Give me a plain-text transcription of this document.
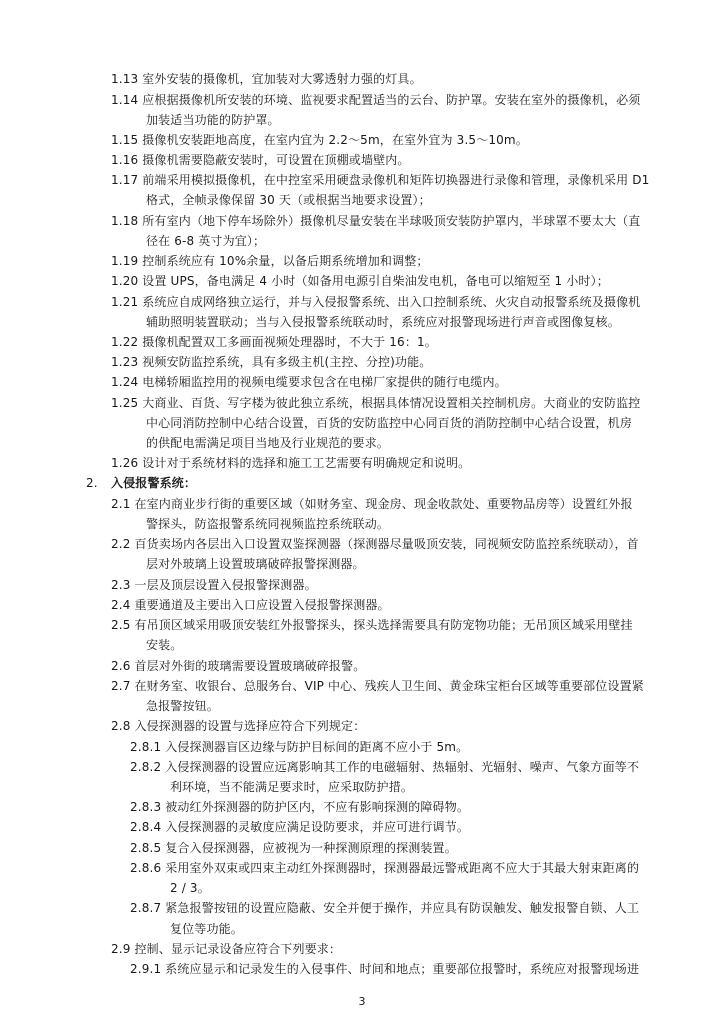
1.13 室外安装的摄像机，宜加装对大雾透射力强的灯具。
1.14 应根据摄像机所安装的环境、监视要求配置适当的云台、防护罩。安装在室外的摄像机，必须
加装适当功能的防护罩。
1.15 摄像机安装距地高度，在室内宜为 2.2～5m，在室外宜为 3.5～10m。
1.16 摄像机需要隐蔽安装时，可设置在顶棚或墙壁内。
1.17 前端采用模拟摄像机，在中控室采用硬盘录像机和矩阵切换器进行录像和管理，录像机采用 D1
格式，全帧录像保留 30 天（或根据当地要求设置）；
1.18 所有室内（地下停车场除外）摄像机尽量安装在半球吸顶安装防护罩内，半球罩不要太大（直
径在 6-8 英寸为宜）；
1.19 控制系统应有 10%余量，以备后期系统增加和调整；
1.20 设置 UPS，备电满足 4 小时（如备用电源引自柴油发电机，备电可以缩短至 1 小时）；
1.21 系统应自成网络独立运行，并与入侵报警系统、出入口控制系统、火灾自动报警系统及摄像机
辅助照明装置联动；当与入侵报警系统联动时，系统应对报警现场进行声音或图像复核。
1.22 摄像机配置双工多画面视频处理器时，不大于 16：1。
1.23 视频安防监控系统，具有多级主机(主控、分控)功能。
1.24 电梯轿厢监控用的视频电缆要求包含在电梯厂家提供的随行电缆内。
1.25 大商业、百货、写字楼为彼此独立系统，根据具体情况设置相关控制机房。大商业的安防监控
中心同消防控制中心结合设置，百货的安防监控中心同百货的消防控制中心结合设置，机房
的供配电需满足项目当地及行业规范的要求。
1.26 设计对于系统材料的选择和施工工艺需要有明确规定和说明。
2. 入侵报警系统：
2.1 在室内商业步行街的重要区域（如财务室、现金房、现金收款处、重要物品房等）设置红外报
警探头，防盗报警系统同视频监控系统联动。
2.2 百货卖场内各层出入口设置双鉴探测器（探测器尽量吸顶安装，同视频安防监控系统联动），首
层对外玻璃上设置玻璃破碎报警探测器。
2.3 一层及顶层设置入侵报警探测器。
2.4 重要通道及主要出入口应设置入侵报警探测器。
2.5 有吊顶区域采用吸顶安装红外报警探头，探头选择需要具有防宠物功能；无吊顶区域采用壁挂
安装。
2.6 首层对外街的玻璃需要设置玻璃破碎报警。
2.7 在财务室、收银台、总服务台、VIP 中心、残疾人卫生间、黄金珠宝柜台区域等重要部位设置紧
急报警按钮。
2.8 入侵探测器的设置与选择应符合下列规定：
2.8.1 入侵探测器盲区边缘与防护目标间的距离不应小于 5m。
2.8.2 入侵探测器的设置应远离影响其工作的电磁辐射、热辐射、光辐射、噪声、气象方面等不
利环境，当不能满足要求时，应采取防护措。
2.8.3 被动红外探测器的防护区内，不应有影响探测的障碍物。
2.8.4 入侵探测器的灵敏度应满足设防要求，并应可进行调节。
2.8.5 复合入侵探测器，应被视为一种探测原理的探测装置。
2.8.6 采用室外双束或四束主动红外探测器时，探测器最远警戒距离不应大于其最大射束距离的
2 / 3。
2.8.7 紧急报警按钮的设置应隐蔽、安全并便于操作，并应具有防误触发、触发报警自锁、人工
复位等功能。
2.9 控制、显示记录设备应符合下列要求：
2.9.1 系统应显示和记录发生的入侵事件、时间和地点；重要部位报警时，系统应对报警现场进
3
